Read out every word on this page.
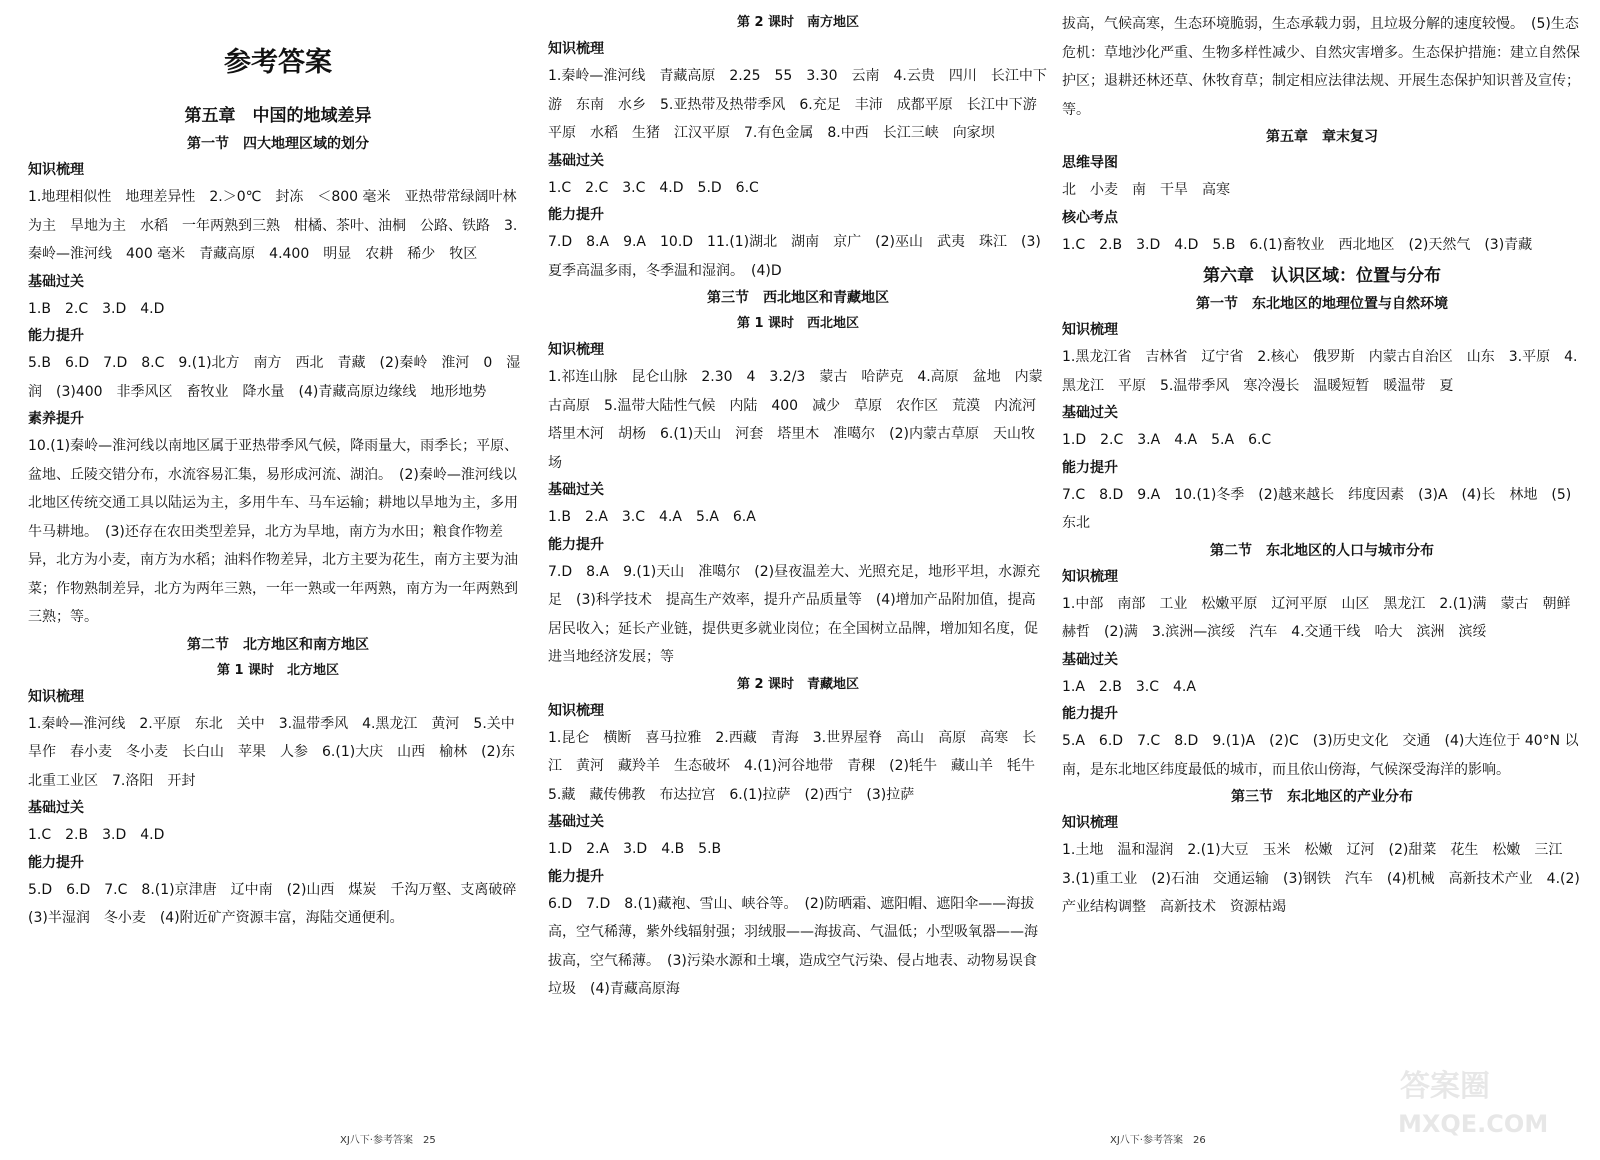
参考答案
第五章　中国的地域差异
第一节　四大地理区域的划分
知识梳理
1.地理相似性　地理差异性　2.＞0℃　封冻　＜800 毫米　亚热带常绿阔叶林为主　旱地为主　水稻　一年两熟到三熟　柑橘、茶叶、油桐　公路、铁路　3.秦岭—淮河线　400 毫米　青藏高原　4.400　明显　农耕　稀少　牧区
基础过关
1.B　2.C　3.D　4.D
能力提升
5.B　6.D　7.D　8.C　9.(1)北方　南方　西北　青藏　(2)秦岭　淮河　0　湿润　(3)400　非季风区　畜牧业　降水量　(4)青藏高原边缘线　地形地势
素养提升
10.(1)秦岭—淮河线以南地区属于亚热带季风气候，降雨量大，雨季长；平原、盆地、丘陵交错分布，水流容易汇集，易形成河流、湖泊。　(2)秦岭—淮河线以北地区传统交通工具以陆运为主，多用牛车、马车运输；耕地以旱地为主，多用牛马耕地。　(3)还存在农田类型差异，北方为旱地，南方为水田；粮食作物差异，北方为小麦，南方为水稻；油料作物差异，北方主要为花生，南方主要为油菜；作物熟制差异，北方为两年三熟，一年一熟或一年两熟，南方为一年两熟到三熟；等。
第二节　北方地区和南方地区
第 1 课时　北方地区
知识梳理
1.秦岭—淮河线　2.平原　东北　关中　3.温带季风　4.黑龙江　黄河　5.关中　旱作　春小麦　冬小麦　长白山　苹果　人参　6.(1)大庆　山西　榆林　(2)东北重工业区　7.洛阳　开封
基础过关
1.C　2.B　3.D　4.D
能力提升
5.D　6.D　7.C　8.(1)京津唐　辽中南　(2)山西　煤炭　千沟万壑、支离破碎　(3)半湿润　冬小麦　(4)附近矿产资源丰富，海陆交通便利。
第 2 课时　南方地区
知识梳理
1.秦岭—淮河线　青藏高原　2.25　55　3.30　云南　4.云贵　四川　长江中下游　东南　水乡　5.亚热带及热带季风　6.充足　丰沛　成都平原　长江中下游平原　水稻　生猪　江汉平原　7.有色金属　8.中西　长江三峡　向家坝
基础过关
1.C　2.C　3.C　4.D　5.D　6.C
能力提升
7.D　8.A　9.A　10.D　11.(1)湖北　湖南　京广　(2)巫山　武夷　珠江　(3)夏季高温多雨，冬季温和湿润。　(4)D
第三节　西北地区和青藏地区
第 1 课时　西北地区
知识梳理
1.祁连山脉　昆仑山脉　2.30　4　3.2/3　蒙古　哈萨克　4.高原　盆地　内蒙古高原　5.温带大陆性气候　内陆　400　减少　草原　农作区　荒漠　内流河　塔里木河　胡杨　6.(1)天山　河套　塔里木　准噶尔　(2)内蒙古草原　天山牧场
基础过关
1.B　2.A　3.C　4.A　5.A　6.A
能力提升
7.D　8.A　9.(1)天山　准噶尔　(2)昼夜温差大、光照充足，地形平坦，水源充足　(3)科学技术　提高生产效率，提升产品质量等　(4)增加产品附加值，提高居民收入；延长产业链，提供更多就业岗位；在全国树立品牌，增加知名度，促进当地经济发展；等
第 2 课时　青藏地区
知识梳理
1.昆仑　横断　喜马拉雅　2.西藏　青海　3.世界屋脊　高山　高原　高寒　长江　黄河　藏羚羊　生态破坏　4.(1)河谷地带　青稞　(2)牦牛　藏山羊　牦牛　5.藏　藏传佛教　布达拉宫　6.(1)拉萨　(2)西宁　(3)拉萨
基础过关
1.D　2.A　3.D　4.B　5.B
能力提升
6.D　7.D　8.(1)藏袍、雪山、峡谷等。　(2)防晒霜、遮阳帽、遮阳伞——海拔高，空气稀薄，紫外线辐射强；羽绒服——海拔高、气温低；小型吸氧器——海拔高，空气稀薄。　(3)污染水源和土壤，造成空气污染、侵占地表、动物易误食垃圾　(4)青藏高原海
拔高，气候高寒，生态环境脆弱，生态承载力弱，且垃圾分解的速度较慢。　(5)生态危机：草地沙化严重、生物多样性减少、自然灾害增多。生态保护措施：建立自然保护区；退耕还林还草、休牧育草；制定相应法律法规、开展生态保护知识普及宣传；等。
第五章　章末复习
思维导图
北　小麦　南　干旱　高寒
核心考点
1.C　2.B　3.D　4.D　5.B　6.(1)畜牧业　西北地区　(2)天然气　(3)青藏
第六章　认识区域：位置与分布
第一节　东北地区的地理位置与自然环境
知识梳理
1.黑龙江省　吉林省　辽宁省　2.核心　俄罗斯　内蒙古自治区　山东　3.平原　4.黑龙江　平原　5.温带季风　寒冷漫长　温暖短暂　暖温带　夏
基础过关
1.D　2.C　3.A　4.A　5.A　6.C
能力提升
7.C　8.D　9.A　10.(1)冬季　(2)越来越长　纬度因素　(3)A　(4)长　林地　(5)东北
第二节　东北地区的人口与城市分布
知识梳理
1.中部　南部　工业　松嫩平原　辽河平原　山区　黑龙江　2.(1)满　蒙古　朝鲜　赫哲　(2)满　3.滨洲—滨绥　汽车　4.交通干线　哈大　滨洲　滨绥
基础过关
1.A　2.B　3.C　4.A
能力提升
5.A　6.D　7.C　8.D　9.(1)A　(2)C　(3)历史文化　交通　(4)大连位于 40°N 以南，是东北地区纬度最低的城市，而且依山傍海，气候深受海洋的影响。
第三节　东北地区的产业分布
知识梳理
1.土地　温和湿润　2.(1)大豆　玉米　松嫩　辽河　(2)甜菜　花生　松嫩　三江　3.(1)重工业　(2)石油　交通运输　(3)钢铁　汽车　(4)机械　高新技术产业　4.(2)产业结构调整　高新技术　资源枯竭
XJ八下·参考答案　25	XJ八下·参考答案　26
答案圈
MXQE.COM
